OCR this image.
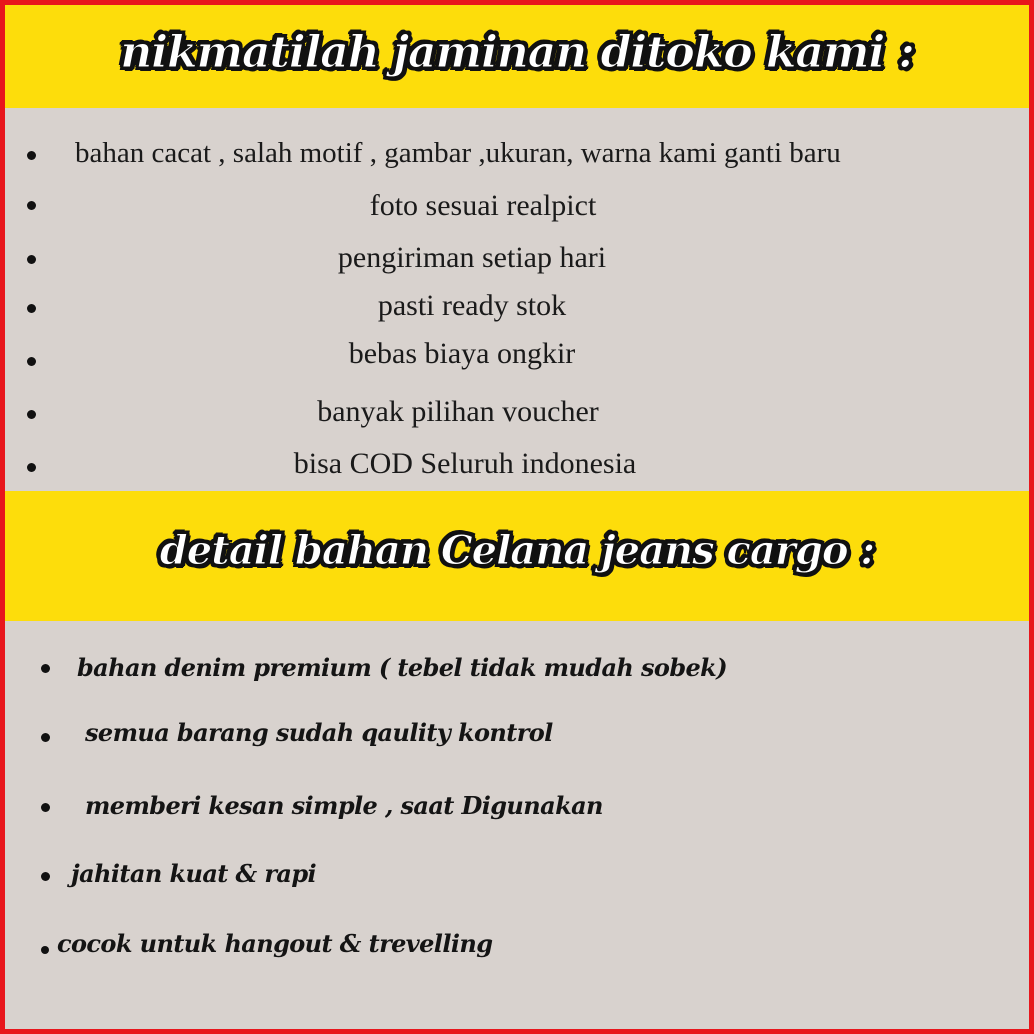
nikmatilah jaminan ditoko kami :
bahan cacat , salah motif , gambar ,ukuran, warna kami ganti baru
foto sesuai realpict
pengiriman setiap hari
pasti ready stok
bebas biaya ongkir
banyak pilihan voucher
bisa COD Seluruh indonesia
detail bahan Celana jeans cargo :
bahan denim premium ( tebel tidak mudah sobek)
semua barang sudah qaulity kontrol
memberi kesan simple , saat Digunakan
jahitan kuat & rapi
cocok untuk hangout & trevelling
